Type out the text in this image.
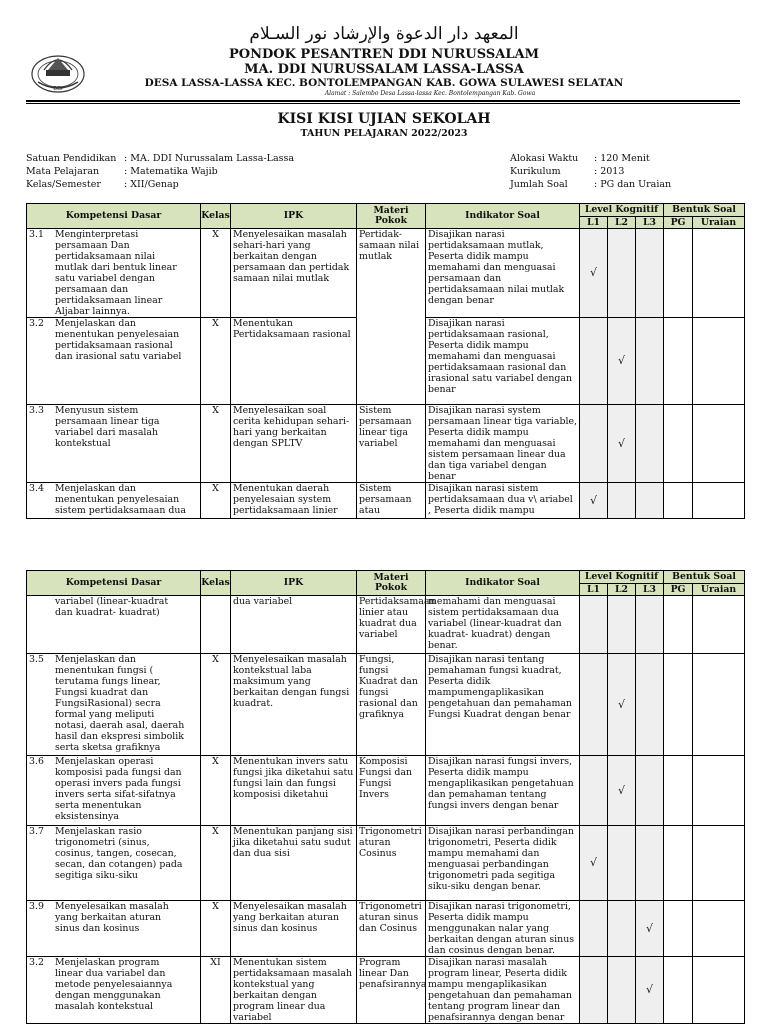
DDI
المعهد دار الدعوة والإرشاد نور السـلام
PONDOK PESANTREN DDI NURUSSALAM
MA. DDI NURUSSALAM LASSA-LASSA
DESA LASSA-LASSA KEC. BONTOLEMPANGAN KAB. GOWA SULAWESI SELATAN
Alamat : Salembo Desa Lassa-lassa Kec. Bontolempangan Kab. Gowa
KISI KISI UJIAN SEKOLAH
TAHUN PELAJARAN 2022/2023
Satuan Pendidikan : MA. DDI Nurussalam Lassa-Lassa
Mata Pelajaran	: Matematika Wajib
Kelas/Semester	: XII/Genap
Alokasi Waktu	: 120 Menit
Kurikulum	: 2013
Jumlah Soal	: PG dan Uraian
Kompetensi Dasar	Kelas	IPK	Materi Pokok	Indikator Soal	Level Kognitif			Bentuk Soal	
					L1	L2	L3	PG	Uraian
3.1 Menginterpretasi persamaan Dan pertidaksamaan nilai mutlak dari bentuk linear satu variabel dengan persamaan dan pertidaksamaan linear Aljabar lainnya.	X	Menyelesaikan masalah sehari-hari yang berkaitan dengan persamaan dan pertidak samaan nilai mutlak	Pertidak-samaan nilai mutlak	Disajikan narasi pertidaksamaan mutlak, Peserta didik mampu memahami dan menguasai persamaan dan pertidaksamaan nilai mutlak dengan benar	√				
3.2 Menjelaskan dan menentukan penyelesaian pertidaksamaan rasional dan irasional satu variabel	X	Menentukan Pertidaksamaan rasional		Disajikan narasi pertidaksamaan rasional, Peserta didik mampu memahami dan menguasai pertidaksamaan rasional dan irasional satu variabel dengan benar		√			
3.3 Menyusun sistem persamaan linear tiga variabel dari masalah kontekstual	X	Menyelesaikan soal cerita kehidupan sehari-hari yang berkaitan dengan SPLTV	Sistem persamaan linear tiga variabel	Disajikan narasi system persamaan linear tiga variable, Peserta didik mampu memahami dan menguasai sistem persamaan linear dua dan tiga variabel dengan benar		√			
3.4 Menjelaskan dan menentukan penyelesaian sistem pertidaksamaan dua	X	Menentukan daerah penyelesaian system pertidaksamaan linier	Sistem persamaan atau	Disajikan narasi sistem pertidaksamaan dua v\ ariabel , Peserta didik mampu	√				
Kompetensi Dasar	Kelas	IPK	Materi Pokok	Indikator Soal	Level Kognitif			Bentuk Soal	
					L1	L2	L3	PG	Uraian
variabel (linear-kuadrat dan kuadrat- kuadrat)		dua variabel	Pertidaksamaan linier atau kuadrat dua variabel	memahami dan menguasai sistem pertidaksamaan dua variabel (linear-kuadrat dan kuadrat- kuadrat) dengan benar.					
3.5 Menjelaskan dan menentukan fungsi ( terutama fungs linear, Fungsi kuadrat dan FungsiRasional) secra formal yang meliputi notasi, daerah asal, daerah hasil dan ekspresi simbolik serta sketsa grafiknya	X	Menyelesaikan masalah kontekstual laba maksimum yang berkaitan dengan fungsi kuadrat.	Fungsi, fungsi Kuadrat dan fungsi rasional dan grafiknya	Disajikan narasi tentang pemahaman fungsi kuadrat, Peserta didik mampumengaplikasikan pengetahuan dan pemahaman Fungsi Kuadrat dengan benar		√			
3.6 Menjelaskan operasi komposisi pada fungsi dan operasi invers pada fungsi invers serta sifat-sifatnya serta menentukan eksistensinya	X	Menentukan invers satu fungsi jika diketahui satu fungsi lain dan fungsi komposisi diketahui	Komposisi Fungsi dan Fungsi Invers	Disajikan narasi fungsi invers, Peserta didik mampu mengaplikasikan pengetahuan dan pemahaman tentang fungsi invers dengan benar		√			
3.7 Menjelaskan rasio trigonometri (sinus, cosinus, tangen, cosecan, secan, dan cotangen) pada segitiga siku-siku	X	Menentukan panjang sisi jika diketahui satu sudut dan dua sisi	Trigonometri aturan Cosinus	Disajikan narasi perbandingan trigonometri, Peserta didik mampu memahami dan menguasai perbandingan trigonometri pada segitiga siku-siku dengan benar.	√				
3.9 Menyelesaikan masalah yang berkaitan aturan sinus dan kosinus	X	Menyelesaikan masalah yang berkaitan aturan sinus dan kosinus	Trigonometri aturan sinus dan Cosinus	Disajikan narasi trigonometri, Peserta didik mampu menggunakan nalar yang berkaitan dengan aturan sinus dan cosinus dengan benar.			√		
3.2 Menjelaskan program linear dua variabel dan metode penyelesaiannya dengan menggunakan masalah kontekstual	XI	Menentukan sistem pertidaksamaan masalah kontekstual yang berkaitan dengan program linear dua variabel	Program linear Dan penafsirannya	Disajikan narasi masalah program linear, Peserta didik mampu mengaplikasikan pengetahuan dan pemahaman tentang program linear dan penafsirannya dengan benar			√		
